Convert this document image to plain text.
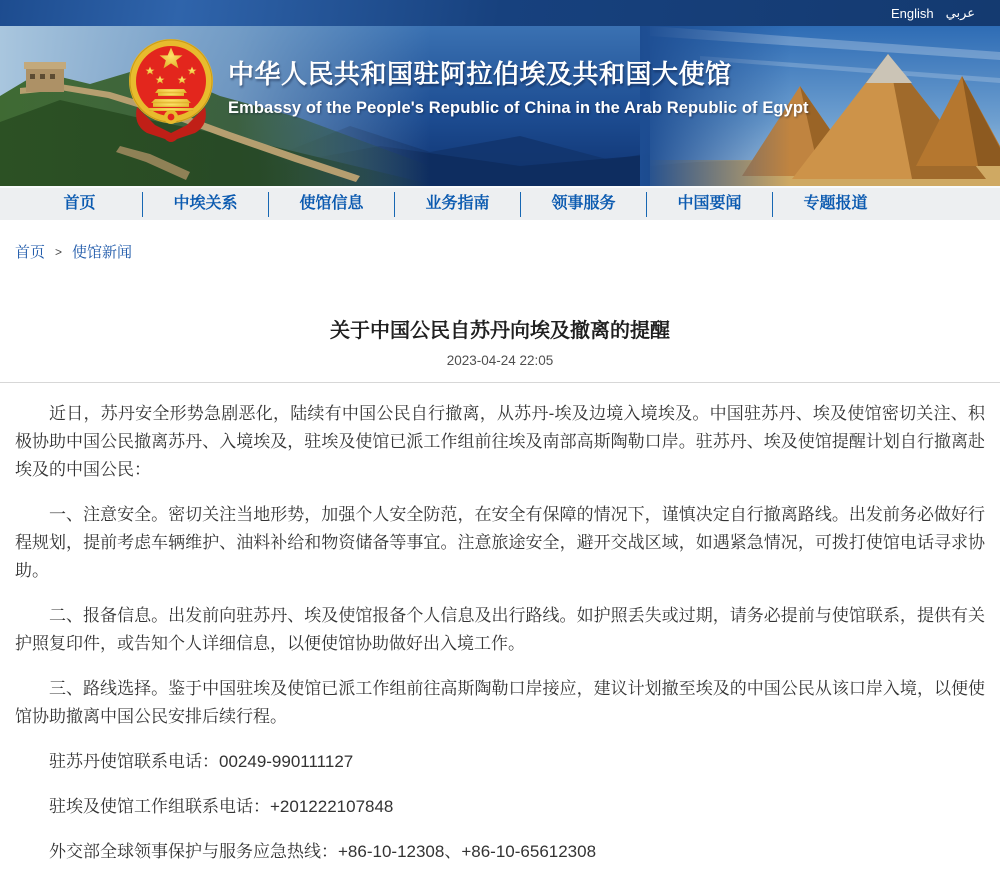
English عربي
中华人民共和国驻阿拉伯埃及共和国大使馆
Embassy of the People's Republic of China in the Arab Republic of Egypt
首页	中埃关系	使馆信息	业务指南	领事服务	中国要闻	专题报道
首页 > 使馆新闻
关于中国公民自苏丹向埃及撤离的提醒
2023-04-24 22:05

近日，苏丹安全形势急剧恶化，陆续有中国公民自行撤离，从苏丹-埃及边境入境埃及。中国驻苏丹、埃及使馆密切关注、积极协助中国公民撤离苏丹、入境埃及，驻埃及使馆已派工作组前往埃及南部高斯陶勒口岸。驻苏丹、埃及使馆提醒计划自行撤离赴埃及的中国公民：

一、注意安全。密切关注当地形势，加强个人安全防范，在安全有保障的情况下，谨慎决定自行撤离路线。出发前务必做好行程规划，提前考虑车辆维护、油料补给和物资储备等事宜。注意旅途安全，避开交战区域，如遇紧急情况，可拨打使馆电话寻求协助。

二、报备信息。出发前向驻苏丹、埃及使馆报备个人信息及出行路线。如护照丢失或过期，请务必提前与使馆联系，提供有关护照复印件，或告知个人详细信息，以便使馆协助做好出入境工作。

三、路线选择。鉴于中国驻埃及使馆已派工作组前往高斯陶勒口岸接应，建议计划撤至埃及的中国公民从该口岸入境，以便使馆协助撤离中国公民安排后续行程。

驻苏丹使馆联系电话：00249-990111127

驻埃及使馆工作组联系电话：+201222107848

外交部全球领事保护与服务应急热线：+86-10-12308、+86-10-65612308
